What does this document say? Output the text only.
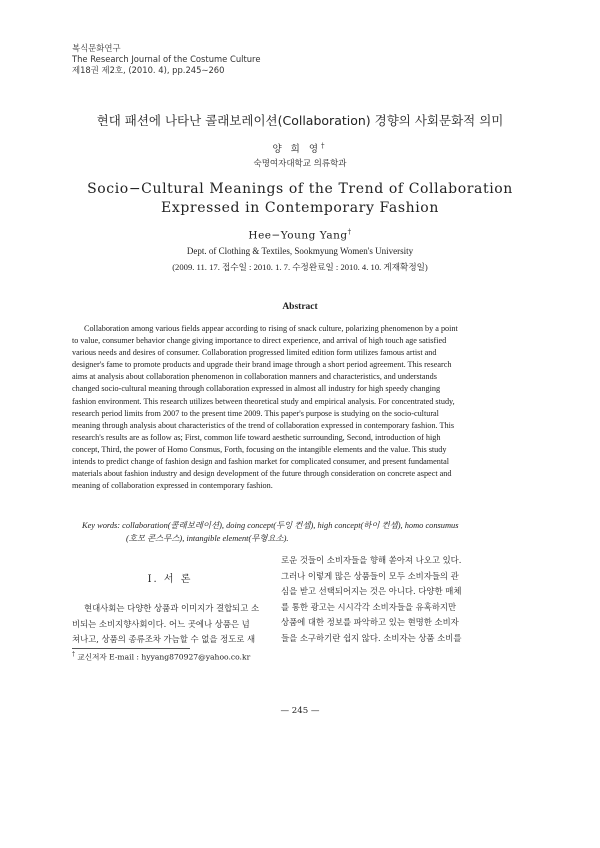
복식문화연구
The Research Journal of the Costume Culture
제18권 제2호, (2010. 4), pp.245∼260
현대 패션에 나타난 콜래보레이션(Collaboration) 경향의 사회문화적 의미
양 희 영†
숙명여자대학교 의류학과
Socio−Cultural Meanings of the Trend of Collaboration
Expressed in Contemporary Fashion
Hee−Young Yang†
Dept. of Clothing & Textiles, Sookmyung Women's University
(2009. 11. 17. 접수일 : 2010. 1. 7. 수정완료일 : 2010. 4. 10. 게재확정일)
Abstract
Collaboration among various fields appear according to rising of snack culture, polarizing phenomenon by a point
to value, consumer behavior change giving importance to direct experience, and arrival of high touch age satisfied
various needs and desires of consumer. Collaboration progressed limited edition form utilizes famous artist and
designer's fame to promote products and upgrade their brand image through a short period agreement. This research
aims at analysis about collaboration phenomenon in collaboration manners and characteristics, and understands
changed socio-cultural meaning through collaboration expressed in almost all industry for high speedy changing
fashion environment. This research utilizes between theoretical study and empirical analysis. For concentrated study,
research period limits from 2007 to the present time 2009. This paper's purpose is studying on the socio-cultural
meaning through analysis about characteristics of the trend of collaboration expressed in contemporary fashion. This
research's results are as follow as; First, common life toward aesthetic surrounding, Second, introduction of high
concept, Third, the power of Homo Consmus, Forth, focusing on the intangible elements and the value. This study
intends to predict change of fashion design and fashion market for complicated consumer, and present fundamental
materials about fashion industry and design development of the future through consideration on concrete aspect and
meaning of collaboration expressed in contemporary fashion.
Key words: collaboration(콜래보레이션), doing concept(두잉 컨셉), high concept(하이 컨셉), homo consumus
(호모 콘스무스), intangible element(무형요소).
Ⅰ. 서 론
현대사회는 다양한 상품과 이미지가 결합되고 소
비되는 소비지향사회이다. 어느 곳에나 상품은 넘
쳐나고, 상품의 종류조차 가늠할 수 없을 정도로 새
로운 것들이 소비자들을 향해 쏟아져 나오고 있다.
그러나 이렇게 많은 상품들이 모두 소비자들의 관
심을 받고 선택되어지는 것은 아니다. 다양한 매체
를 통한 광고는 시시각각 소비자들을 유혹하지만
상품에 대한 정보를 파악하고 있는 현명한 소비자
들을 소구하기란 쉽지 않다. 소비자는 상품 소비를
† 교신저자 E-mail : hyyang870927@yahoo.co.kr
— 245 —
